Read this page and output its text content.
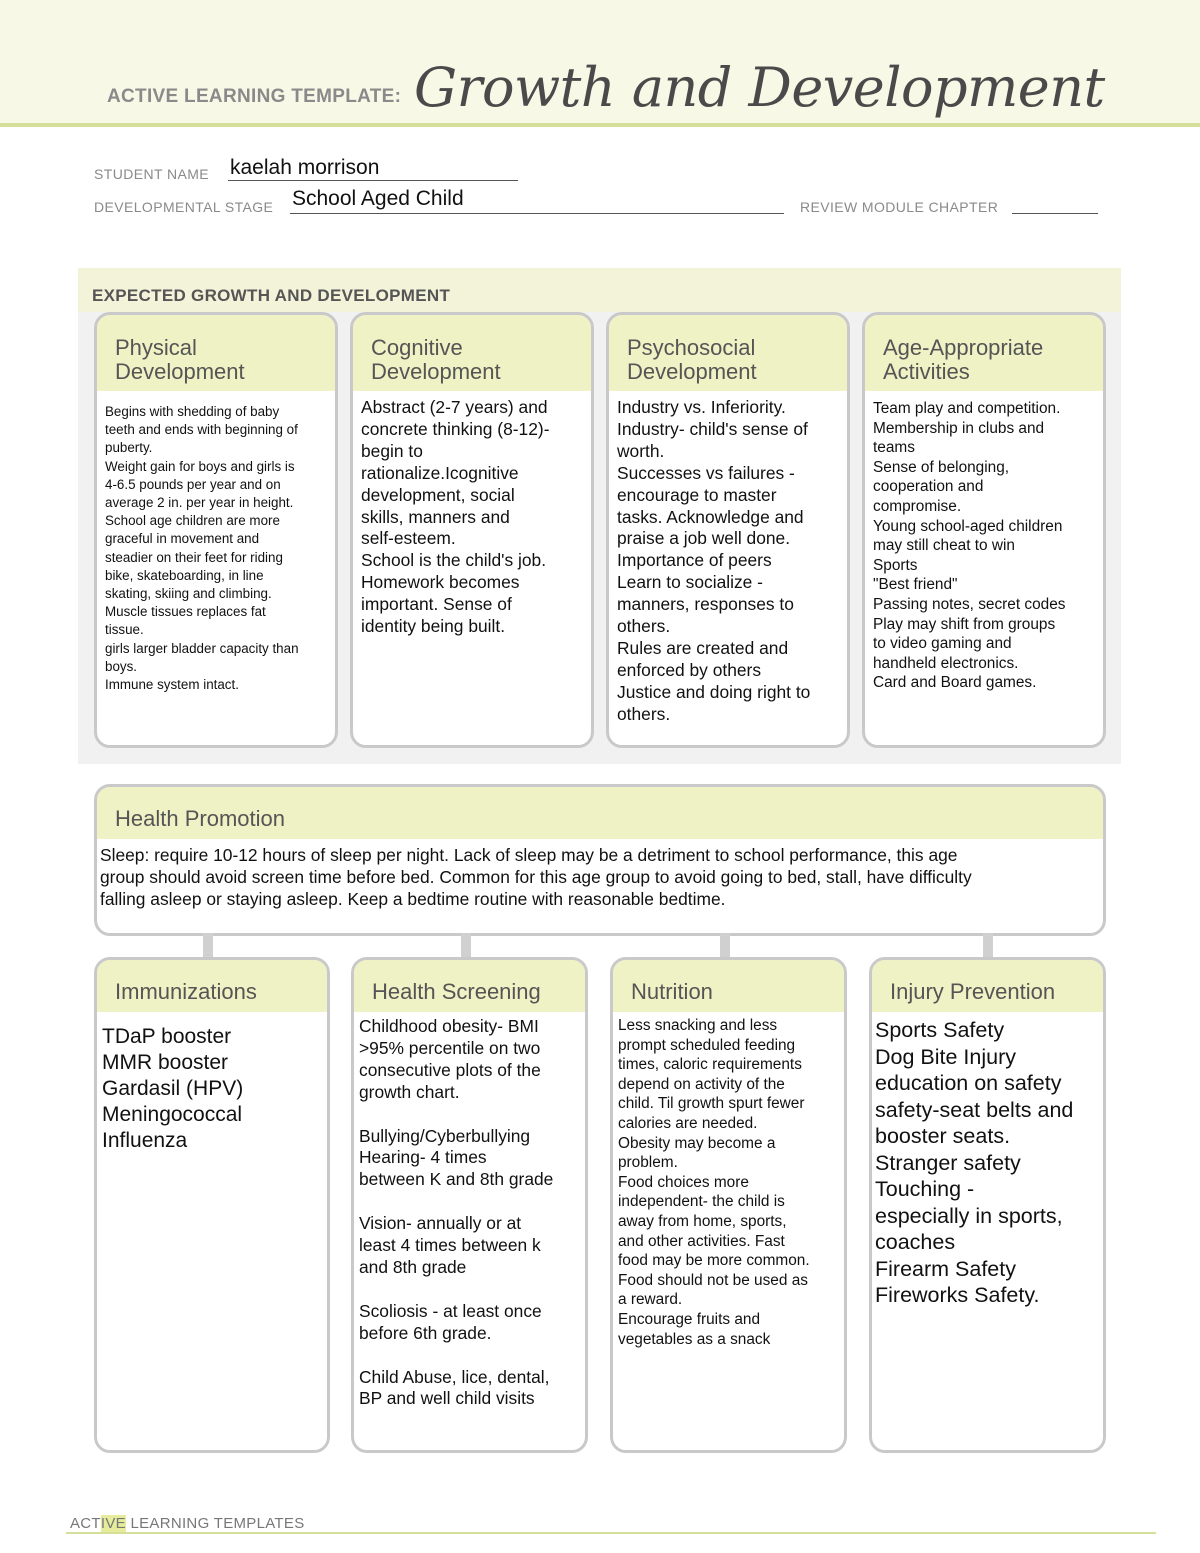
ACTIVE LEARNING TEMPLATE: Growth and Development
STUDENT NAME kaelah morrison
DEVELOPMENTAL STAGE School Aged Child	REVIEW MODULE CHAPTER
EXPECTED GROWTH AND DEVELOPMENT
Physical
Development
Begins with shedding of baby
teeth and ends with beginning of
puberty.
Weight gain for boys and girls is
4-6.5 pounds per year and on
average 2 in. per year in height.
School age children are more
graceful in movement and
steadier on their feet for riding
bike, skateboarding, in line
skating, skiing and climbing.
Muscle tissues replaces fat
tissue.
girls larger bladder capacity than
boys.
Immune system intact.
Cognitive
Development
Abstract (2-7 years) and
concrete thinking (8-12)-
begin to
rationalize.Icognitive
development, social
skills, manners and
self-esteem.
School is the child's job.
Homework becomes
important. Sense of
identity being built.
Psychosocial
Development
Industry vs. Inferiority.
Industry- child's sense of
worth.
Successes vs failures -
encourage to master
tasks. Acknowledge and
praise a job well done.
Importance of peers
Learn to socialize -
manners, responses to
others.
Rules are created and
enforced by others
Justice and doing right to
others.
Age-Appropriate
Activities
Team play and competition.
Membership in clubs and
teams
Sense of belonging,
cooperation and
compromise.
Young school-aged children
may still cheat to win
Sports
"Best friend"
Passing notes, secret codes
Play may shift from groups
to video gaming and
handheld electronics.
Card and Board games.
Health Promotion
Sleep: require 10-12 hours of sleep per night. Lack of sleep may be a detriment to school performance, this age
group should avoid screen time before bed. Common for this age group to avoid going to bed, stall, have difficulty
falling asleep or staying asleep. Keep a bedtime routine with reasonable bedtime.
Immunizations
TDaP booster
MMR booster
Gardasil (HPV)
Meningococcal
Influenza
Health Screening
Childhood obesity- BMI
>95% percentile on two
consecutive plots of the
growth chart.

Bullying/Cyberbullying
Hearing- 4 times
between K and 8th grade

Vision- annually or at
least 4 times between k
and 8th grade

Scoliosis - at least once
before 6th grade.

Child Abuse, lice, dental,
BP and well child visits
Nutrition
Less snacking and less
prompt scheduled feeding
times, caloric requirements
depend on activity of the
child. Til growth spurt fewer
calories are needed.
Obesity may become a
problem.
Food choices more
independent- the child is
away from home, sports,
and other activities. Fast
food may be more common.
Food should not be used as
a reward.
Encourage fruits and
vegetables as a snack
Injury Prevention
Sports Safety
Dog Bite Injury
education on safety
safety-seat belts and
booster seats.
Stranger safety
Touching -
especially in sports,
coaches
Firearm Safety
Fireworks Safety.
ACTIVE LEARNING TEMPLATES
